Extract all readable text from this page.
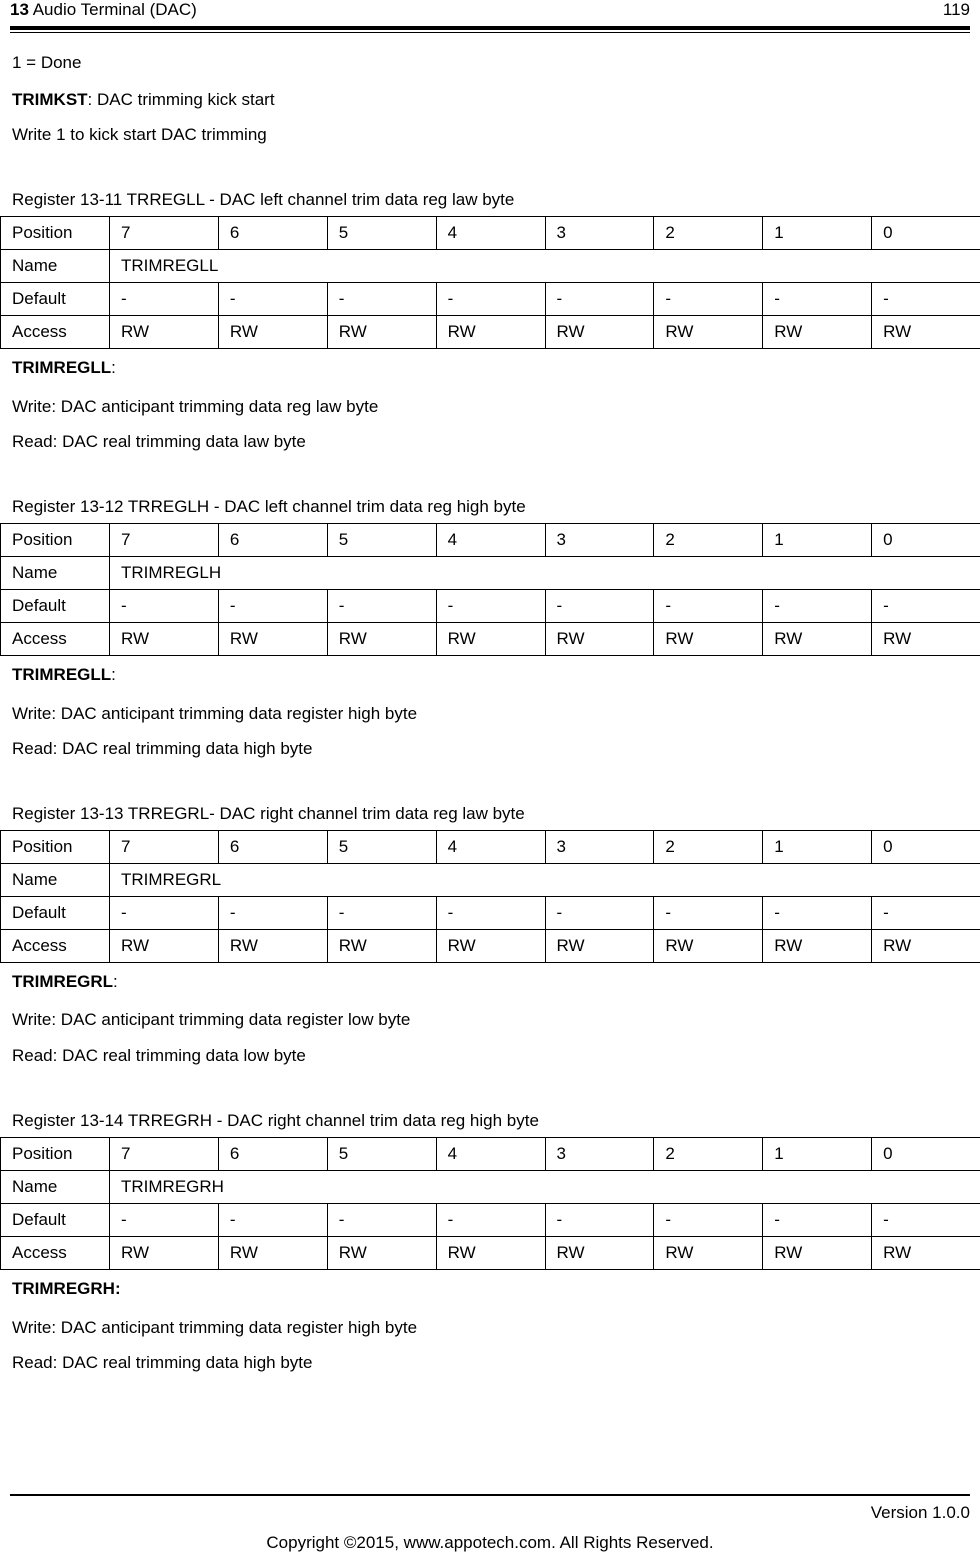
13 Audio Terminal (DAC)	119
1 = Done
TRIMKST: DAC trimming kick start
Write 1 to kick start DAC trimming
Register 13-11 TRREGLL - DAC left channel trim data reg law byte
Position	7	6	5	4	3	2	1	0
Name	TRIMREGLL							
Default	-	-	-	-	-	-	-	-
Access	RW	RW	RW	RW	RW	RW	RW	RW
TRIMREGLL:
Write: DAC anticipant trimming data reg law byte
Read: DAC real trimming data law byte
Register 13-12 TRREGLH - DAC left channel trim data reg high byte
Position	7	6	5	4	3	2	1	0
Name	TRIMREGLH							
Default	-	-	-	-	-	-	-	-
Access	RW	RW	RW	RW	RW	RW	RW	RW
TRIMREGLL:
Write: DAC anticipant trimming data register high byte
Read: DAC real trimming data high byte
Register 13-13 TRREGRL- DAC right channel trim data reg law byte
Position	7	6	5	4	3	2	1	0
Name	TRIMREGRL							
Default	-	-	-	-	-	-	-	-
Access	RW	RW	RW	RW	RW	RW	RW	RW
TRIMREGRL:
Write: DAC anticipant trimming data register low byte
Read: DAC real trimming data low byte
Register 13-14 TRREGRH - DAC right channel trim data reg high byte
Position	7	6	5	4	3	2	1	0
Name	TRIMREGRH							
Default	-	-	-	-	-	-	-	-
Access	RW	RW	RW	RW	RW	RW	RW	RW
TRIMREGRH:
Write: DAC anticipant trimming data register high byte
Read: DAC real trimming data high byte
Version 1.0.0
Copyright ©2015, www.appotech.com. All Rights Reserved.
